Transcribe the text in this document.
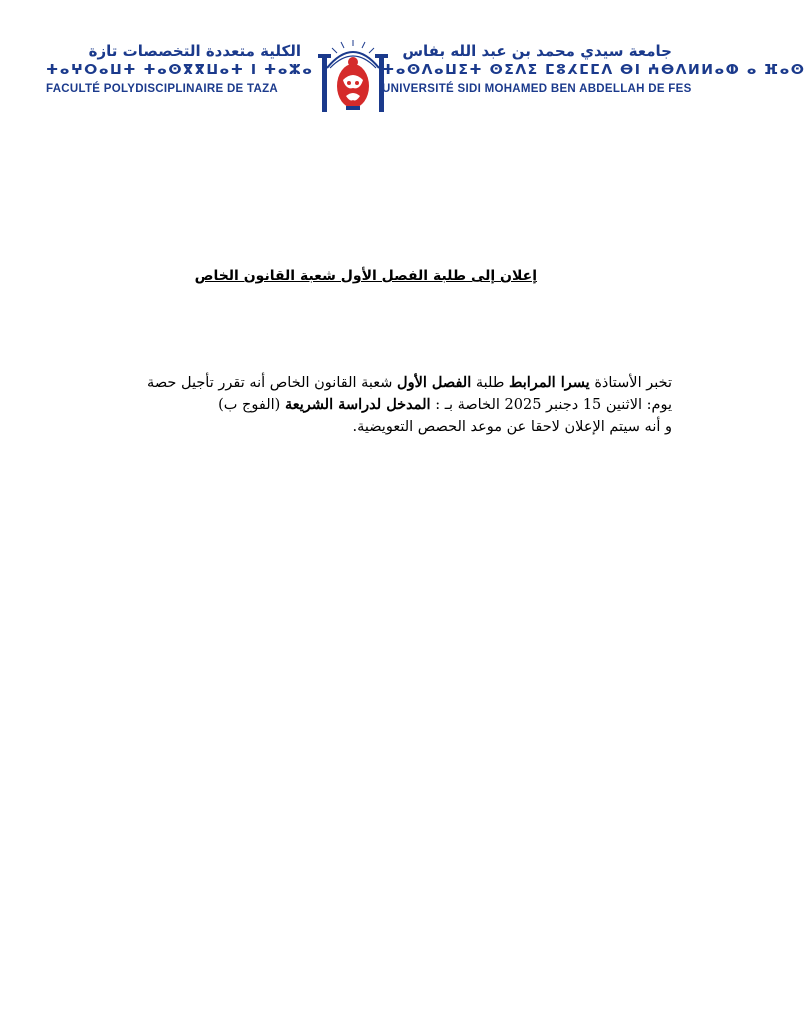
الكلية متعددة التخصصات تازة
ⵜⴰⵖⵔⴰⵡⵜ ⵜⴰⵙⴳⴳⵡⴰⵜ ⵏ ⵜⴰⵣⴰ
FACULTÉ POLYDISCIPLINAIRE DE TAZA
جامعة سيدي محمد بن عبد الله بفاس
ⵜⴰⵙⴷⴰⵡⵉⵜ ⵙⵉⴷⵉ ⵎⵓⵃⵎⵎⴷ ⴱⵏ ⵄⴱⴷⵍⵍⴰⵀ ⴰ ⴼⴰⵙ
UNIVERSITÉ SIDI MOHAMED BEN ABDELLAH DE FES
إعلان إلى طلبة الفصل الأول شعبة القانون الخاص
تخبر الأستاذة يسرا المرابط طلبة الفصل الأول شعبة القانون الخاص أنه تقرر تأجيل حصة
يوم: الاثنين 15 دجنبر 2025 الخاصة بـ : المدخل لدراسة الشريعة (الفوج ب)
و أنه سيتم الإعلان لاحقا عن موعد الحصص التعويضية.
